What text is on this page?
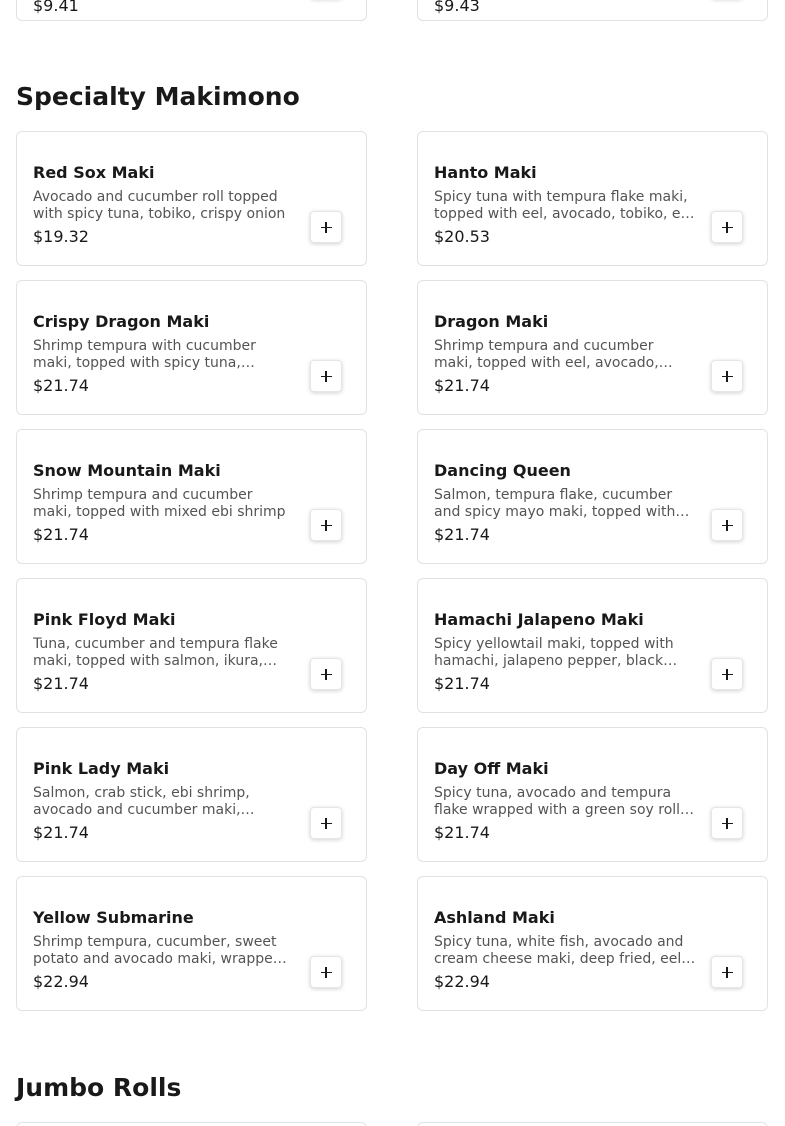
$9.41	$9.43
Specialty Makimono
Red Sox Maki
Avocado and cucumber roll topped with spicy tuna, tobiko, crispy onion
$19.32
Hanto Maki
Spicy tuna with tempura flake maki, topped with eel, avocado, tobiko, eel
$20.53
Crispy Dragon Maki
Shrimp tempura with cucumber maki, topped with spicy tuna,
$21.74
Dragon Maki
Shrimp tempura and cucumber maki, topped with eel, avocado,
$21.74
Snow Mountain Maki
Shrimp tempura and cucumber maki, topped with mixed ebi shrimp
$21.74
Dancing Queen
Salmon, tempura flake, cucumber and spicy mayo maki, topped with
$21.74
Pink Floyd Maki
Tuna, cucumber and tempura flake maki, topped with salmon, ikura,
$21.74
Hamachi Jalapeno Maki
Spicy yellowtail maki, topped with hamachi, jalapeno pepper, black
$21.74
Pink Lady Maki
Salmon, crab stick, ebi shrimp, avocado and cucumber maki,
$21.74
Day Off Maki
Spicy tuna, avocado and tempura flake wrapped with a green soy roll
$21.74
Yellow Submarine
Shrimp tempura, cucumber, sweet potato and avocado maki, wrapped
$22.94
Ashland Maki
Spicy tuna, white fish, avocado and cream cheese maki, deep fried, eel
$22.94
Jumbo Rolls
